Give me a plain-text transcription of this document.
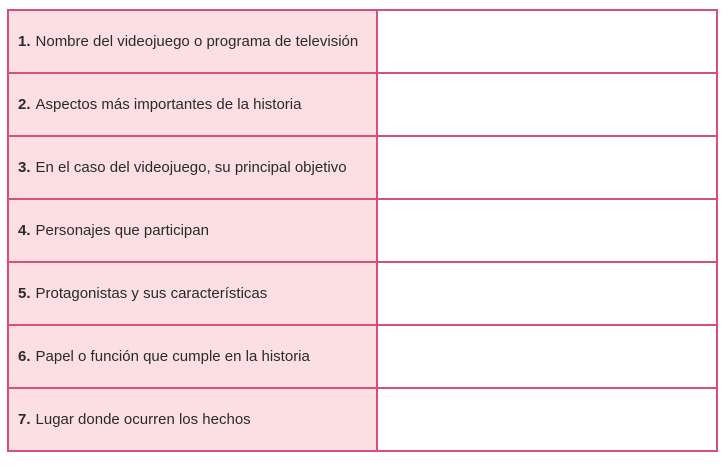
1. Nombre del videojuego o programa de televisión	
2. Aspectos más importantes de la historia	
3. En el caso del videojuego, su principal objetivo	
4. Personajes que participan	
5. Protagonistas y sus características	
6. Papel o función que cumple en la historia	
7. Lugar donde ocurren los hechos	
